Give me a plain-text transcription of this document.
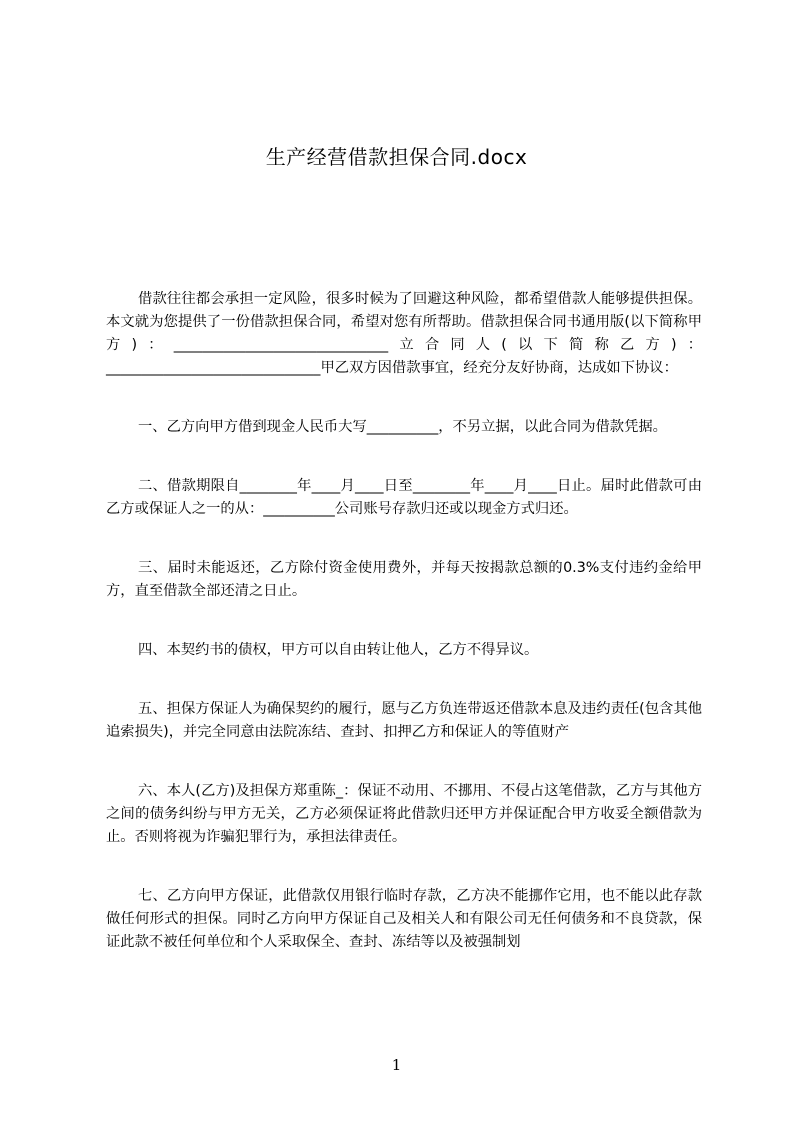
生产经营借款担保合同.docx

借款往往都会承担一定风险，很多时候为了回避这种风险，都希望借款人能够提供担保。本文就为您提供了一份借款担保合同，希望对您有所帮助。借款担保合同书通用版(以下简称甲方)：______________________________立合同人(以下简称乙方)：______________________________甲乙双方因借款事宜，经充分友好协商，达成如下协议：

一、乙方向甲方借到现金人民币大写__________，不另立据，以此合同为借款凭据。

二、借款期限自________年____月____日至________年____月____日止。届时此借款可由乙方或保证人之一的从：__________公司账号存款归还或以现金方式归还。

三、届时未能返还，乙方除付资金使用费外，并每天按揭款总额的0.3%支付违约金给甲方，直至借款全部还清之日止。

四、本契约书的债权，甲方可以自由转让他人，乙方不得异议。

五、担保方保证人为确保契约的履行，愿与乙方负连带返还借款本息及违约责任(包含其他追索损失)，并完全同意由法院冻结、查封、扣押乙方和保证人的等值财产

六、本人(乙方)及担保方郑重陈_：保证不动用、不挪用、不侵占这笔借款，乙方与其他方之间的债务纠纷与甲方无关，乙方必须保证将此借款归还甲方并保证配合甲方收妥全额借款为止。否则将视为诈骗犯罪行为，承担法律责任。

七、乙方向甲方保证，此借款仅用银行临时存款，乙方决不能挪作它用，也不能以此存款做任何形式的担保。同时乙方向甲方保证自己及相关人和有限公司无任何债务和不良贷款，保证此款不被任何单位和个人采取保全、查封、冻结等以及被强制划

1
